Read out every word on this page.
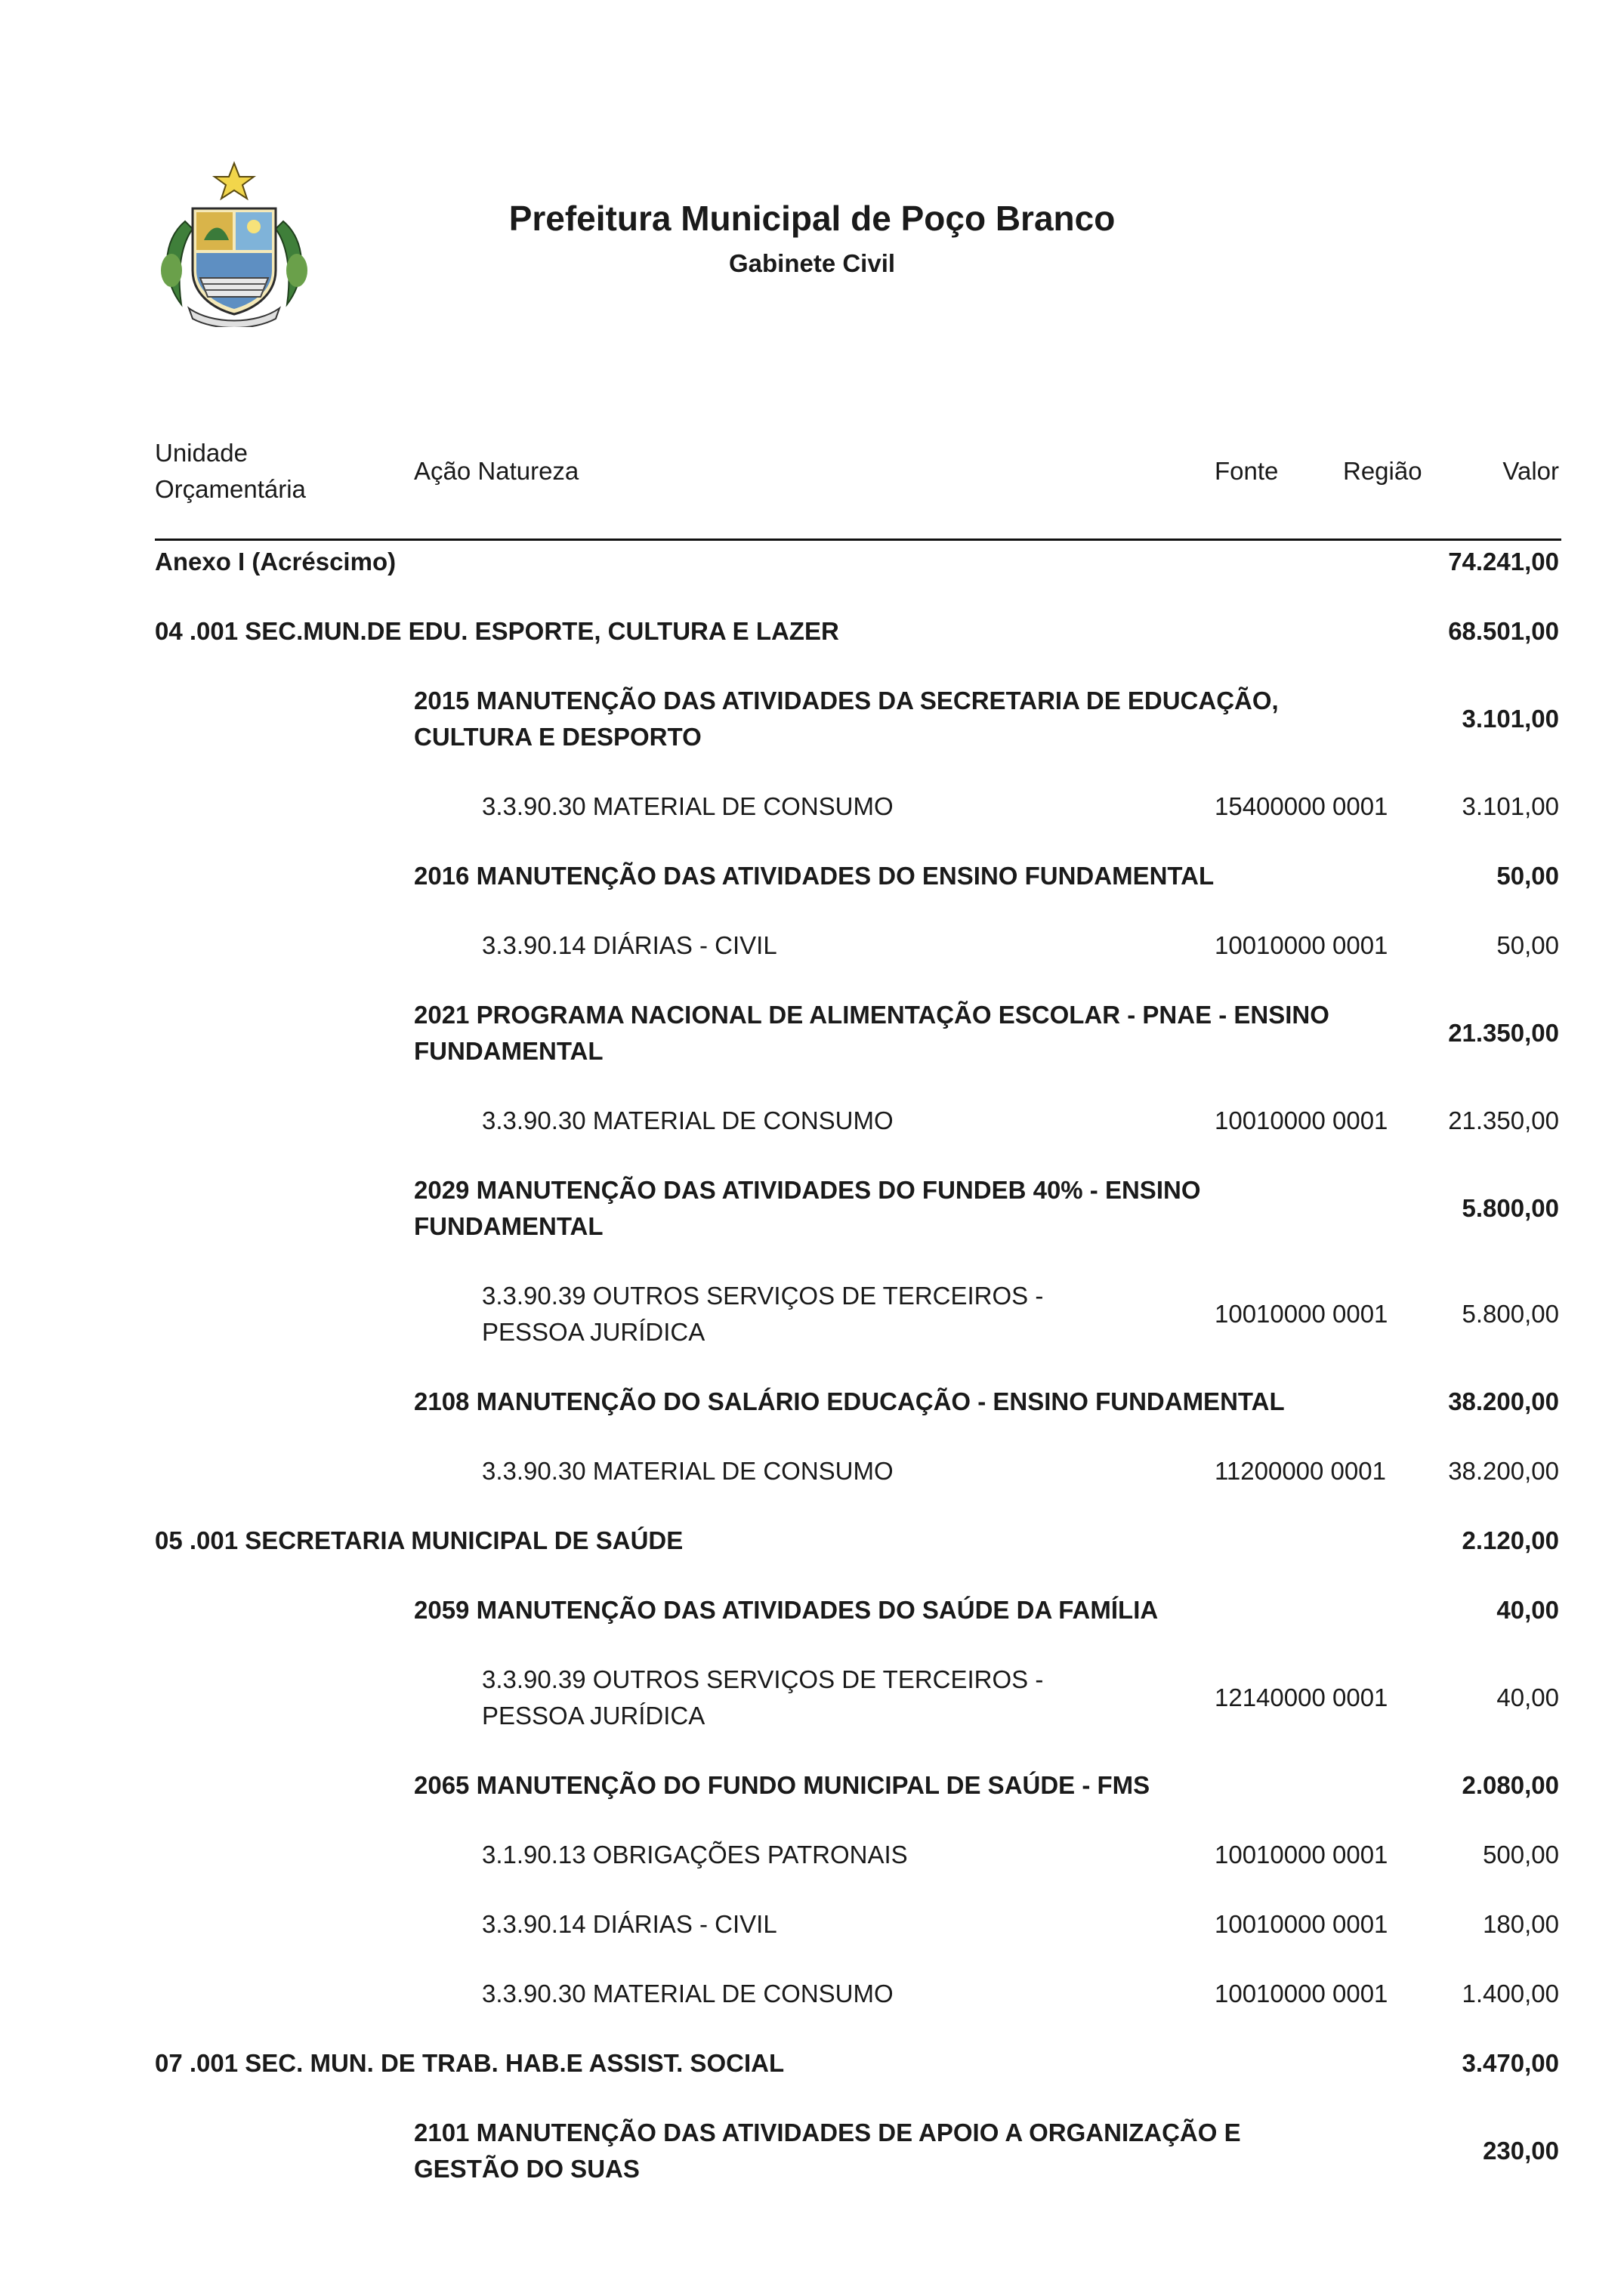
Prefeitura Municipal de Poço Branco
Gabinete Civil
Unidade
Orçamentária
Ação Natureza	Fonte	Região	Valor
Anexo I (Acréscimo)	74.241,00
04 .001 SEC.MUN.DE EDU. ESPORTE, CULTURA E LAZER	68.501,00
2015 MANUTENÇÃO DAS ATIVIDADES DA SECRETARIA DE EDUCAÇÃO,
CULTURA E DESPORTO
3.101,00
3.3.90.30 MATERIAL DE CONSUMO	15400000 0001	3.101,00
2016 MANUTENÇÃO DAS ATIVIDADES DO ENSINO FUNDAMENTAL	50,00
3.3.90.14 DIÁRIAS - CIVIL	10010000 0001	50,00
2021 PROGRAMA NACIONAL DE ALIMENTAÇÃO ESCOLAR - PNAE - ENSINO
FUNDAMENTAL
21.350,00
3.3.90.30 MATERIAL DE CONSUMO	10010000 0001 21.350,00
2029 MANUTENÇÃO DAS ATIVIDADES DO FUNDEB 40% - ENSINO
FUNDAMENTAL
5.800,00
3.3.90.39 OUTROS SERVIÇOS DE TERCEIROS -
PESSOA JURÍDICA
10010000 0001	5.800,00
2108 MANUTENÇÃO DO SALÁRIO EDUCAÇÃO - ENSINO FUNDAMENTAL	38.200,00
3.3.90.30 MATERIAL DE CONSUMO	11200000 0001 38.200,00
05 .001 SECRETARIA MUNICIPAL DE SAÚDE	2.120,00
2059 MANUTENÇÃO DAS ATIVIDADES DO SAÚDE DA FAMÍLIA	40,00
3.3.90.39 OUTROS SERVIÇOS DE TERCEIROS -
PESSOA JURÍDICA
12140000 0001	40,00
2065 MANUTENÇÃO DO FUNDO MUNICIPAL DE SAÚDE - FMS	2.080,00
3.1.90.13 OBRIGAÇÕES PATRONAIS	10010000 0001	500,00
3.3.90.14 DIÁRIAS - CIVIL	10010000 0001	180,00
3.3.90.30 MATERIAL DE CONSUMO	10010000 0001	1.400,00
07 .001 SEC. MUN. DE TRAB. HAB.E ASSIST. SOCIAL	3.470,00
2101 MANUTENÇÃO DAS ATIVIDADES DE APOIO A ORGANIZAÇÃO E
GESTÃO DO SUAS
230,00
